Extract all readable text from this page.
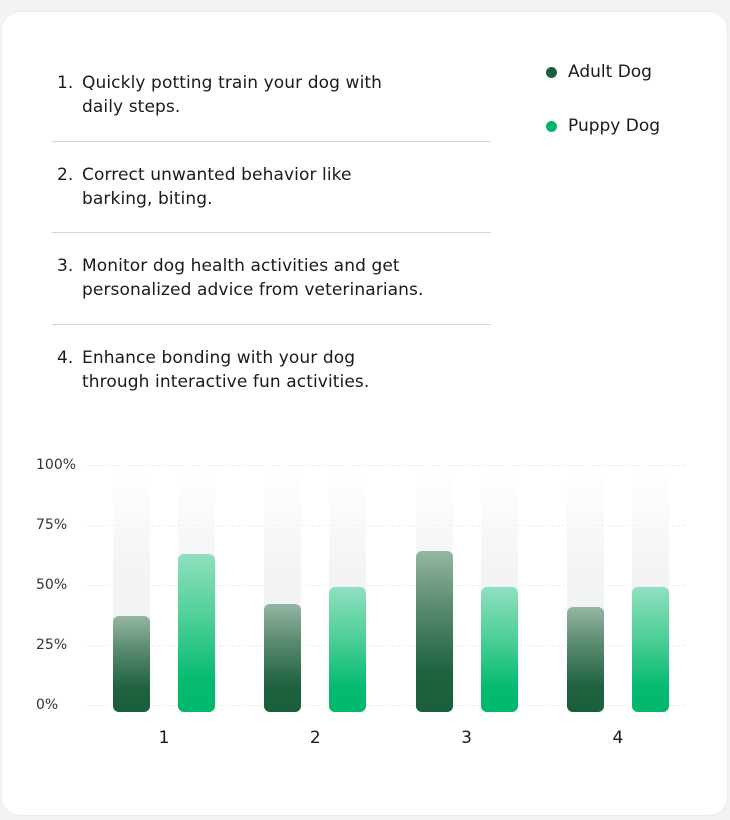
1. Quickly potting train your dog with
daily steps.
2. Correct unwanted behavior like
barking, biting.
3. Monitor dog health activities and get
personalized advice from veterinarians.
4. Enhance bonding with your dog
through interactive fun activities.
Adult Dog
Puppy Dog
0%
25%
50%
75%
100%
1	2	3	4
